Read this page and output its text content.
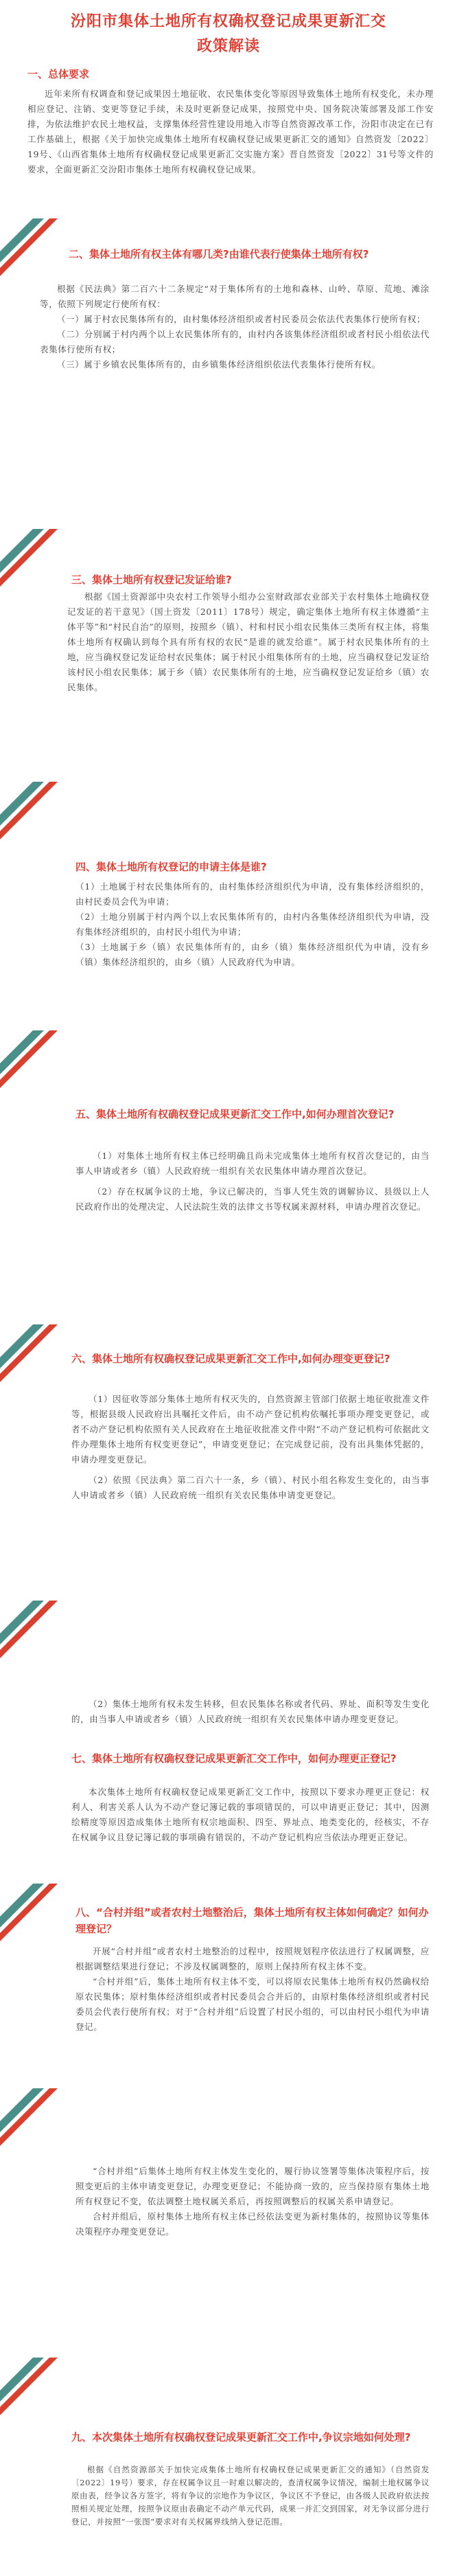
汾阳市集体土地所有权确权登记成果更新汇交
政策解读
一、总体要求

近年来所有权调查和登记成果因土地征收、农民集体变化等原因导致集体土地所有权变化，未办理相应登记、注销、变更等登记手续，未及时更新登记成果，按照党中央、国务院决策部署及部工作安排，为依法维护农民土地权益，支撑集体经营性建设用地入市等自然资源改革工作，汾阳市决定在已有工作基础上，根据《关于加快完成集体土地所有权确权登记成果更新汇交的通知》自然资发〔2022〕19号、《山西省集体土地所有权确权登记成果更新汇交实施方案》晋自然资发〔2022〕31号等文件的要求，全面更新汇交汾阳市集体土地所有权确权登记成果。

二、集体土地所有权主体有哪几类?由谁代表行使集体土地所有权?

根据《民法典》第二百六十二条规定“对于集体所有的土地和森林、山岭、草原、荒地、滩涂等，依照下列规定行使所有权：

（一）属于村农民集体所有的，由村集体经济组织或者村民委员会依法代表集体行使所有权；

（二）分别属于村内两个以上农民集体所有的，由村内各该集体经济组织或者村民小组依法代表集体行使所有权；

（三）属于乡镇农民集体所有的，由乡镇集体经济组织依法代表集体行使所有权。

三、集体土地所有权登记发证给谁?

根据《国土资源部中央农村工作领导小组办公室财政部农业部关于农村集体土地确权登记发证的若干意见》（国土资发〔2011〕178号）规定，确定集体土地所有权主体遵循“主体平等”和“村民自治”的原则，按照乡（镇）、村和村民小组农民集体三类所有权主体，将集体土地所有权确认到每个具有所有权的农民“是谁的就发给谁”。属于村农民集体所有的土地，应当确权登记发证给村农民集体；属于村民小组集体所有的土地，应当确权登记发证给该村民小组农民集体；属于乡（镇）农民集体所有的土地，应当确权登记发证给乡（镇）农民集体。

四、集体土地所有权登记的申请主体是谁?

（1）土地属于村农民集体所有的，由村集体经济组织代为申请，没有集体经济组织的，由村民委员会代为申请；

（2）土地分别属于村内两个以上农民集体所有的，由村内各集体经济组织代为申请，没有集体经济组织的，由村民小组代为申请；

（3）土地属于乡（镇）农民集体所有的，由乡（镇）集体经济组织代为申请，没有乡（镇）集体经济组织的，由乡（镇）人民政府代为申请。

五、集体土地所有权确权登记成果更新汇交工作中,如何办理首次登记?

（1）对集体土地所有权主体已经明确且尚未完成集体土地所有权首次登记的，由当事人申请或者乡（镇）人民政府统一组织有关农民集体申请办理首次登记。

（2）存在权属争议的土地，争议已解决的，当事人凭生效的调解协议、县级以上人民政府作出的处理决定、人民法院生效的法律文书等权属来源材料，申请办理首次登记。

六、集体土地所有权确权登记成果更新汇交工作中,如何办理变更登记?

（1）因征收等部分集体土地所有权灭失的，自然资源主管部门依据土地征收批准文件等，根据县级人民政府出具嘱托文件后，由不动产登记机构依嘱托事项办理变更登记，或者不动产登记机构依照有关人民政府在土地征收批准文件中附“不动产登记机构可依据此文件办理集体土地所有权变更登记”，申请变更登记；在完成登记前，没有出具集体凭据的，申请办理变更登记。

（2）依照《民法典》第二百六十一条，乡（镇）、村民小组名称发生变化的，由当事人申请或者乡（镇）人民政府统一组织有关农民集体申请变更登记。

（2）集体土地所有权未发生转移，但农民集体名称或者代码、界址、面积等发生变化的，由当事人申请或者乡（镇）人民政府统一组织有关农民集体申请办理变更登记。

七、集体土地所有权确权登记成果更新汇交工作中，如何办理更正登记?

本次集体土地所有权确权登记成果更新汇交工作中，按照以下要求办理更正登记：权利人、利害关系人认为不动产登记簿记载的事项错误的，可以申请更正登记；其中，因测绘精度等原因造成集体土地所有权宗地面积、四至、界址点、地类变化的，经核实，不存在权属争议且登记簿记载的事项确有错误的，不动产登记机构应当依法办理更正登记。

八、“合村并组”或者农村土地整治后，集体土地所有权主体如何确定？如何办理登记？

开展“合村并组”或者农村土地整治的过程中，按照规划程序依法进行了权属调整，应根据调整结果进行登记；不涉及权属调整的，原则上保持所有权主体不变。

“合村并组”后，集体土地所有权主体不变，可以将原农民集体土地所有权仍然确权给原农民集体；原村集体经济组织或者村民委员会合并后的，由原村集体经济组织或者村民委员会代表行使所有权；对于“合村并组”后设置了村民小组的，可以由村民小组代为申请登记。

“合村并组”后集体土地所有权主体发生变化的，履行协议签署等集体决策程序后，按照变更后的主体申请变更登记，办理变更登记；不能协商一致的，应当保持原有集体土地所有权登记不变，依法调整土地权属关系后，再按照调整后的权属关系申请登记。

合村并组后，原村集体土地所有权主体已经依法变更为新村集体的，按照协议等集体决策程序办理变更登记。

九、本次集体土地所有权确权登记成果更新汇交工作中,争议宗地如何处理?

根据《自然资源部关于加快完成集体土地所有权确权登记成果更新汇交的通知》（自然资发〔2022〕19号）要求，存在权属争议且一时难以解决的，查清权属争议情况，编制土地权属争议原由表，经争议各方签字，将有争议的宗地作为争议区，争议区不予登记，由各级人民政府依法按照相关规定处理，按照争议原由表确定不动产单元代码，成果一并汇交到国家，对无争议部分进行登记，并按照“一张图”要求对有关权属界线纳入登记范围。
